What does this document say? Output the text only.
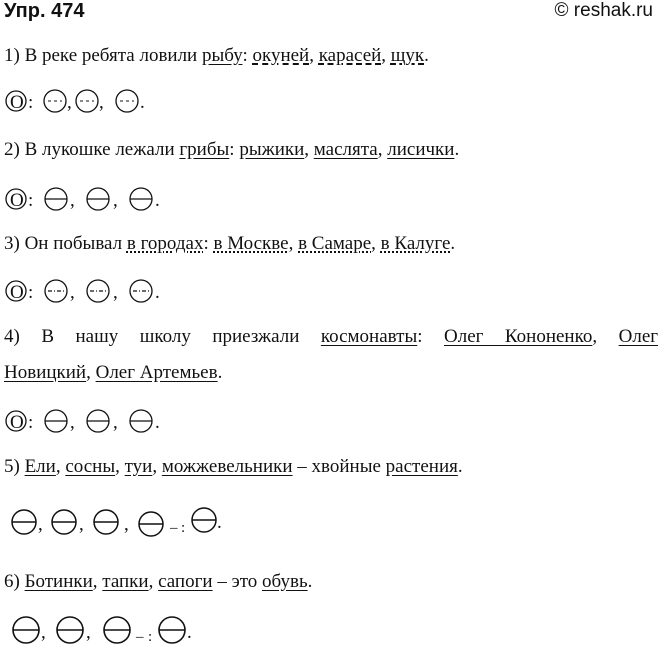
Упр. 474	© reshak.ru
1) В реке ребята ловили рыбу: окуней, карасей, щук.
О : , , .
2) В лукошке лежали грибы: рыжики, маслята, лисички.
О : , , .
3) Он побывал в городах: в Москве, в Самаре, в Калуге.
О : , , .
4) В нашу школу приезжали космонавты: Олег Кононенко, Олег
Новицкий, Олег Артемьев.
О : , , .
5) Ели, сосны, туи, можжевельники – хвойные растения.
, , ,	– : .
6) Ботинки, тапки, сапоги – это обувь.
, ,	– : .
